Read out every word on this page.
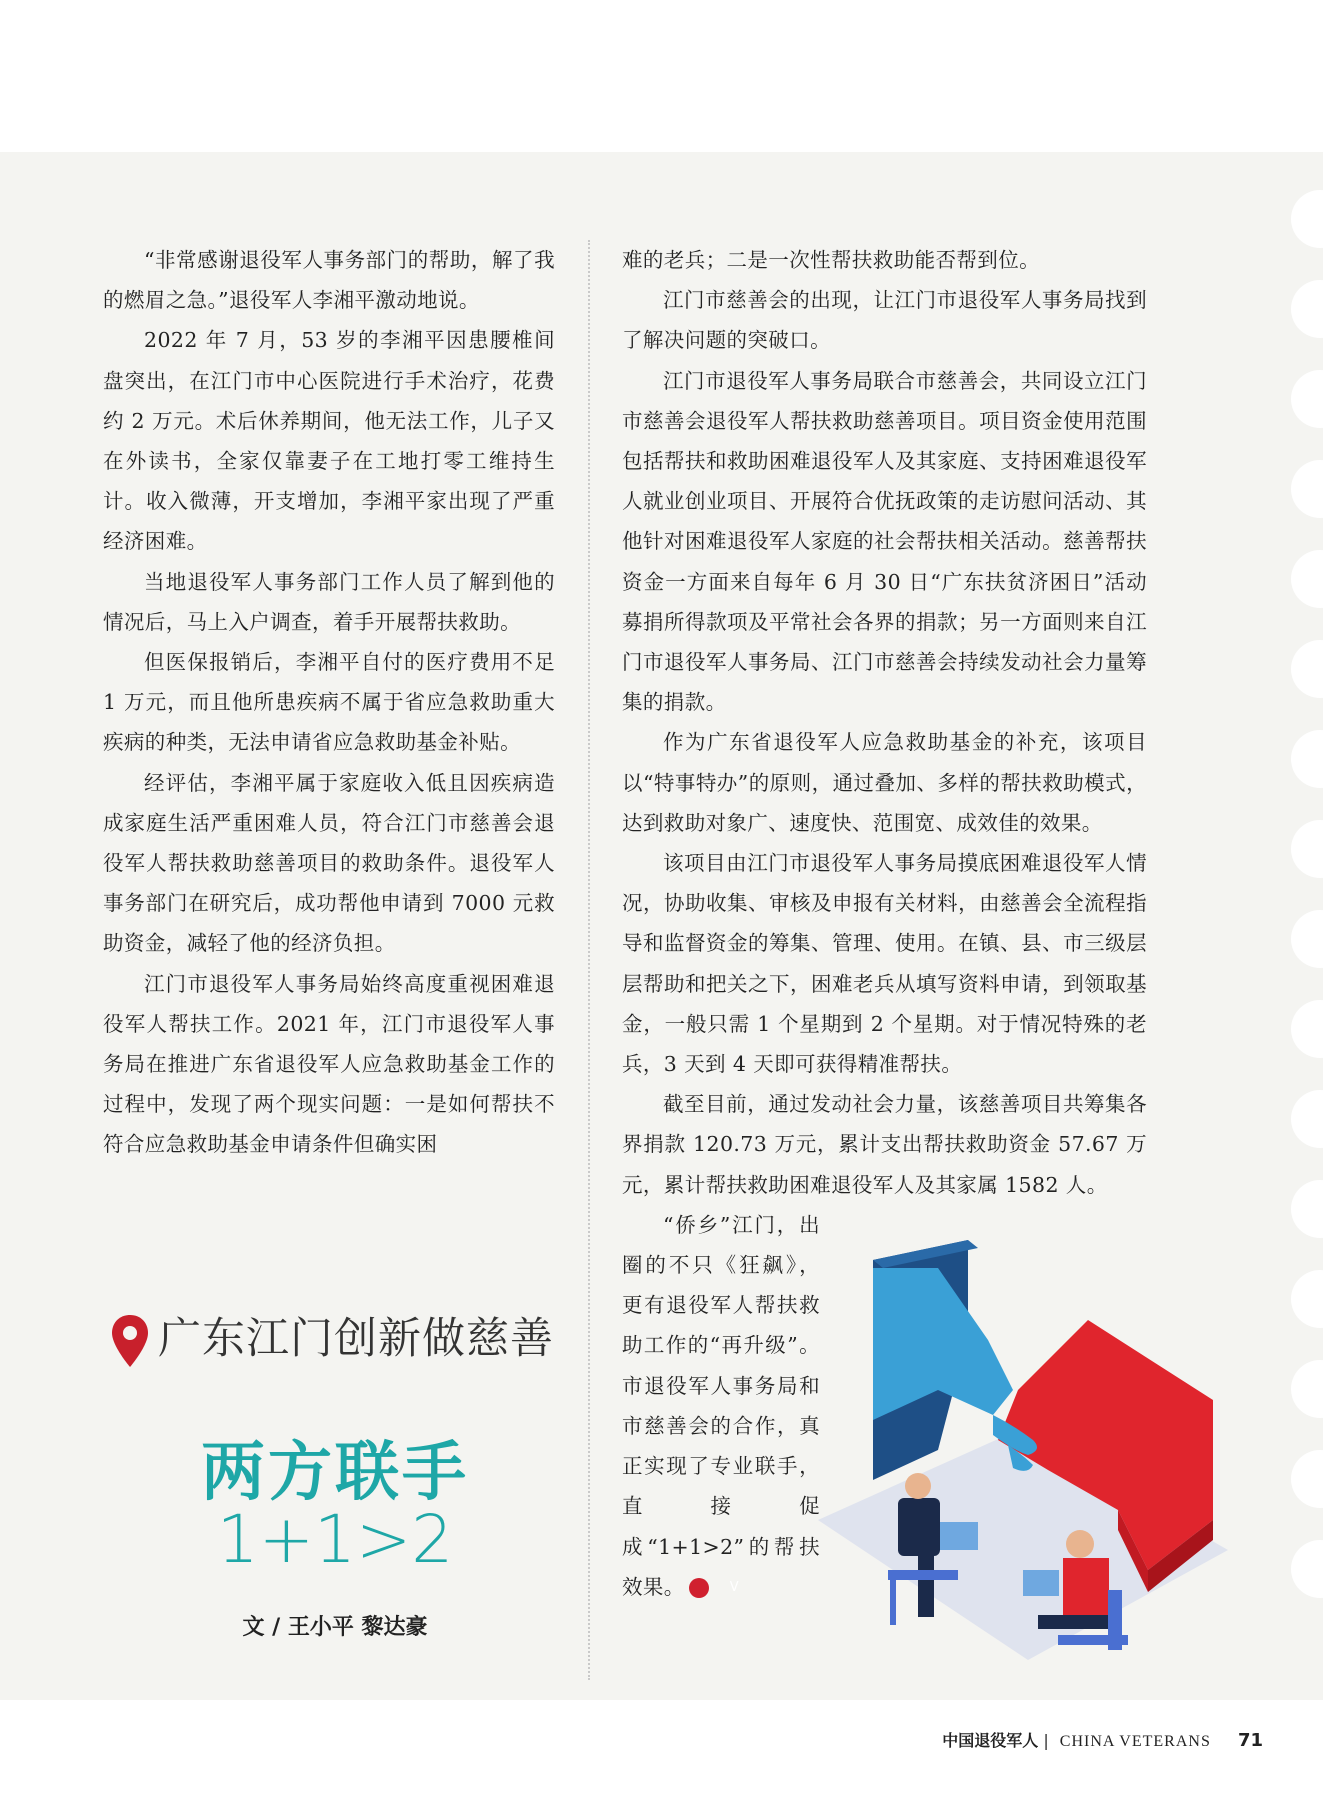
“非常感谢退役军人事务部门的帮助，解了我的燃眉之急。”退役军人李湘平激动地说。

2022 年 7 月，53 岁的李湘平因患腰椎间盘突出，在江门市中心医院进行手术治疗，花费约 2 万元。术后休养期间，他无法工作，儿子又在外读书，全家仅靠妻子在工地打零工维持生计。收入微薄，开支增加，李湘平家出现了严重经济困难。

当地退役军人事务部门工作人员了解到他的情况后，马上入户调查，着手开展帮扶救助。

但医保报销后，李湘平自付的医疗费用不足 1 万元，而且他所患疾病不属于省应急救助重大疾病的种类，无法申请省应急救助基金补贴。

经评估，李湘平属于家庭收入低且因疾病造成家庭生活严重困难人员，符合江门市慈善会退役军人帮扶救助慈善项目的救助条件。退役军人事务部门在研究后，成功帮他申请到 7000 元救助资金，减轻了他的经济负担。

江门市退役军人事务局始终高度重视困难退役军人帮扶工作。2021 年，江门市退役军人事务局在推进广东省退役军人应急救助基金工作的过程中，发现了两个现实问题：一是如何帮扶不符合应急救助基金申请条件但确实困

难的老兵；二是一次性帮扶救助能否帮到位。

江门市慈善会的出现，让江门市退役军人事务局找到了解决问题的突破口。

江门市退役军人事务局联合市慈善会，共同设立江门市慈善会退役军人帮扶救助慈善项目。项目资金使用范围包括帮扶和救助困难退役军人及其家庭、支持困难退役军人就业创业项目、开展符合优抚政策的走访慰问活动、其他针对困难退役军人家庭的社会帮扶相关活动。慈善帮扶资金一方面来自每年 6 月 30 日“广东扶贫济困日”活动募捐所得款项及平常社会各界的捐款；另一方面则来自江门市退役军人事务局、江门市慈善会持续发动社会力量筹集的捐款。

作为广东省退役军人应急救助基金的补充，该项目以“特事特办”的原则，通过叠加、多样的帮扶救助模式，达到救助对象广、速度快、范围宽、成效佳的效果。

该项目由江门市退役军人事务局摸底困难退役军人情况，协助收集、审核及申报有关材料，由慈善会全流程指导和监督资金的筹集、管理、使用。在镇、县、市三级层层帮助和把关之下，困难老兵从填写资料申请，到领取基金，一般只需 1 个星期到 2 个星期。对于情况特殊的老兵，3 天到 4 天即可获得精准帮扶。

截至目前，通过发动社会力量，该慈善项目共筹集各界捐款 120.73 万元，累计支出帮扶救助资金 57.67 万元，累计帮扶救助困难退役军人及其家属 1582 人。

“侨乡”江门，出圈的不只《狂飙》，更有退役军人帮扶救助工作的“再升级”。市退役军人事务局和市慈善会的合作，真正实现了专业联手，直接促成“1+1>2”的帮扶效果。	V

广东江门创新做慈善
两方联手
1+1>2
文 / 王小平 黎达豪
中国退役军人 | CHINA VETERANS 71
